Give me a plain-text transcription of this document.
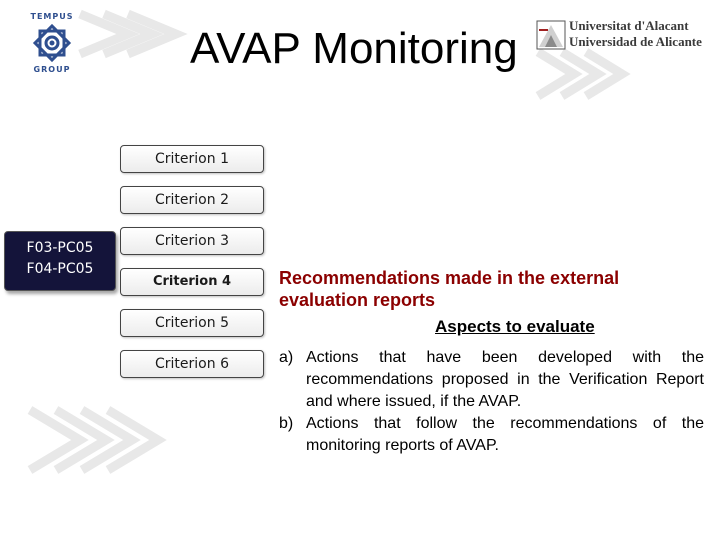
TEMPUS
GROUP	AVAP Monitoring	Universitat d'Alacant
Universidad de Alicante
Criterion 1
Criterion 2
Criterion 3
Criterion 4
Criterion 5
Criterion 6
F03-PC05
F04-PC05	Recommendations made in the external evaluation reports
Aspects to evaluate
a) Actions that have been developed with the recommendations proposed in the Verification Report and where issued, if the AVAP.
b) Actions that follow the recommendations of the monitoring reports of AVAP.
